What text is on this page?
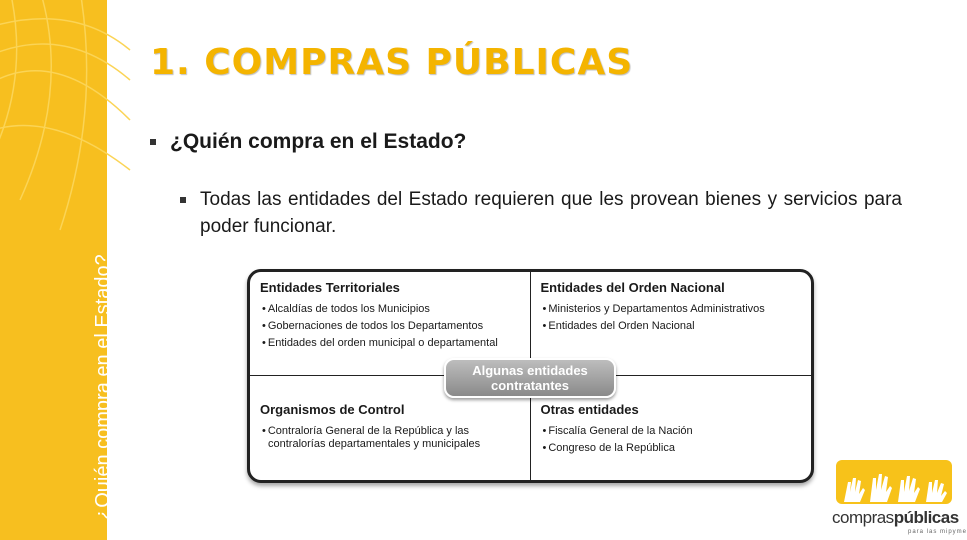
¿Quién compra en el Estado?
1. COMPRAS PÚBLICAS
¿Quién compra en el Estado?
Todas las entidades del Estado requieren que les provean bienes y servicios para poder funcionar.
Entidades Territoriales
• Alcaldías de todos los Municipios
• Gobernaciones de todos los Departamentos
• Entidades del orden municipal o departamental
Entidades del Orden Nacional
• Ministerios y Departamentos Administrativos
• Entidades del Orden Nacional
Organismos de Control
• Contraloría General de la República y las contralorías departamentales y municipales
Otras entidades
• Fiscalía General de la Nación
• Congreso de la República
Algunas entidades contratantes
compraspúblicas
para las mipyme
